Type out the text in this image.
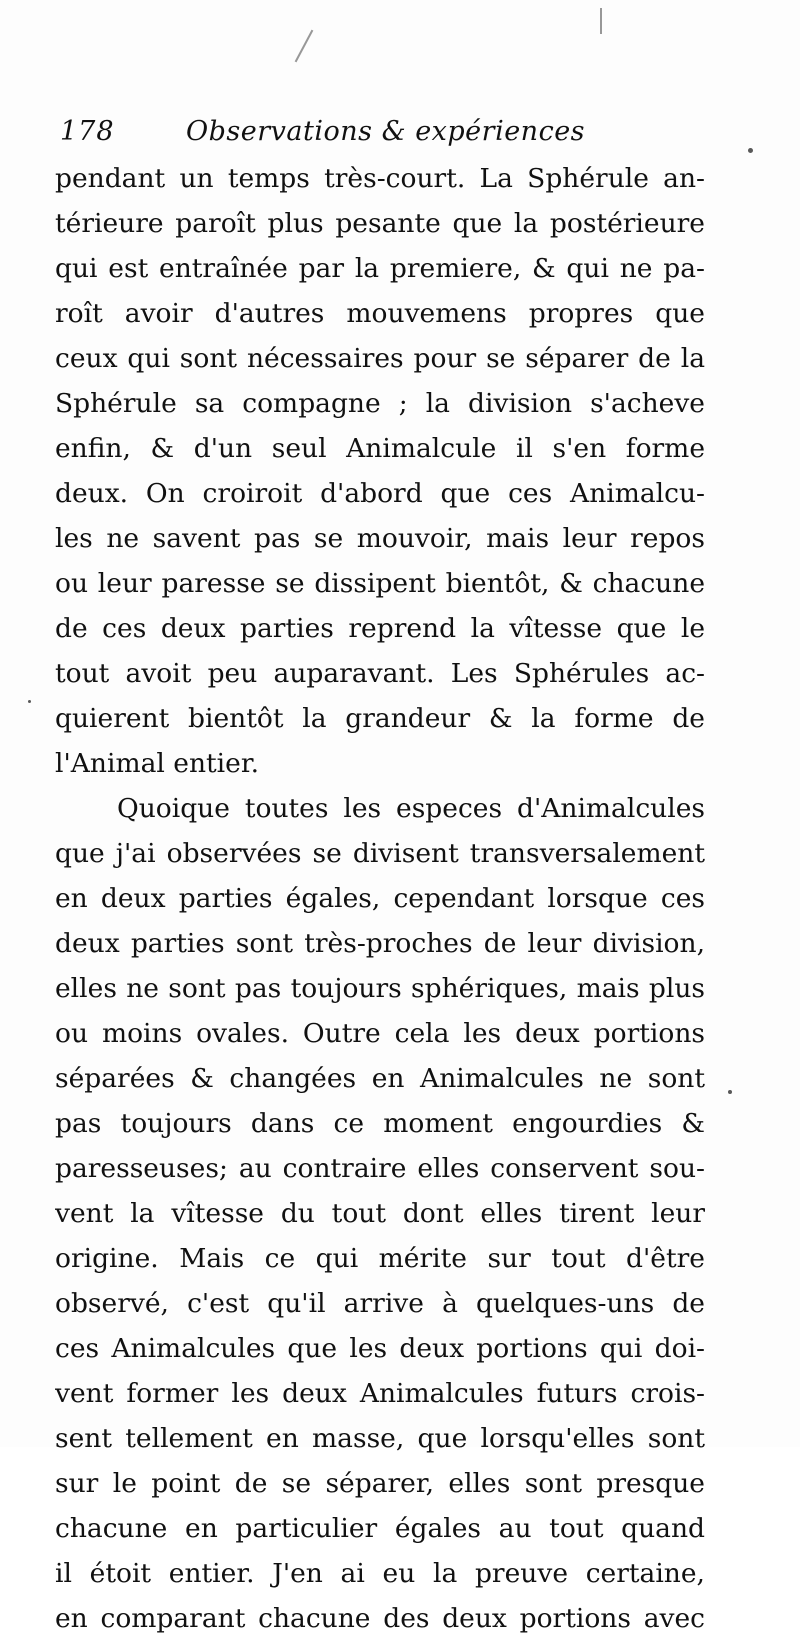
178	Observations & expériences
pendant un temps très-court. La Sphérule an-
térieure paroît plus pesante que la postérieure
qui est entraînée par la premiere, & qui ne pa-
roît avoir d'autres mouvemens propres que
ceux qui sont nécessaires pour se séparer de la
Sphérule sa compagne ; la division s'acheve
enfin, & d'un seul Animalcule il s'en forme
deux. On croiroit d'abord que ces Animalcu-
les ne savent pas se mouvoir, mais leur repos
ou leur paresse se dissipent bientôt, & chacune
de ces deux parties reprend la vîtesse que le
tout avoit peu auparavant. Les Sphérules ac-
quierent bientôt la grandeur & la forme de
l'Animal entier.
Quoique toutes les especes d'Animalcules
que j'ai observées se divisent transversalement
en deux parties égales, cependant lorsque ces
deux parties sont très-proches de leur division,
elles ne sont pas toujours sphériques, mais plus
ou moins ovales. Outre cela les deux portions
séparées & changées en Animalcules ne sont
pas toujours dans ce moment engourdies &
paresseuses; au contraire elles conservent sou-
vent la vîtesse du tout dont elles tirent leur
origine. Mais ce qui mérite sur tout d'être
observé, c'est qu'il arrive à quelques-uns de
ces Animalcules que les deux portions qui doi-
vent former les deux Animalcules futurs crois-
sent tellement en masse, que lorsqu'elles sont
sur le point de se séparer, elles sont presque
chacune en particulier égales au tout quand
il étoit entier. J'en ai eu la preuve certaine,
en comparant chacune des deux portions avec
